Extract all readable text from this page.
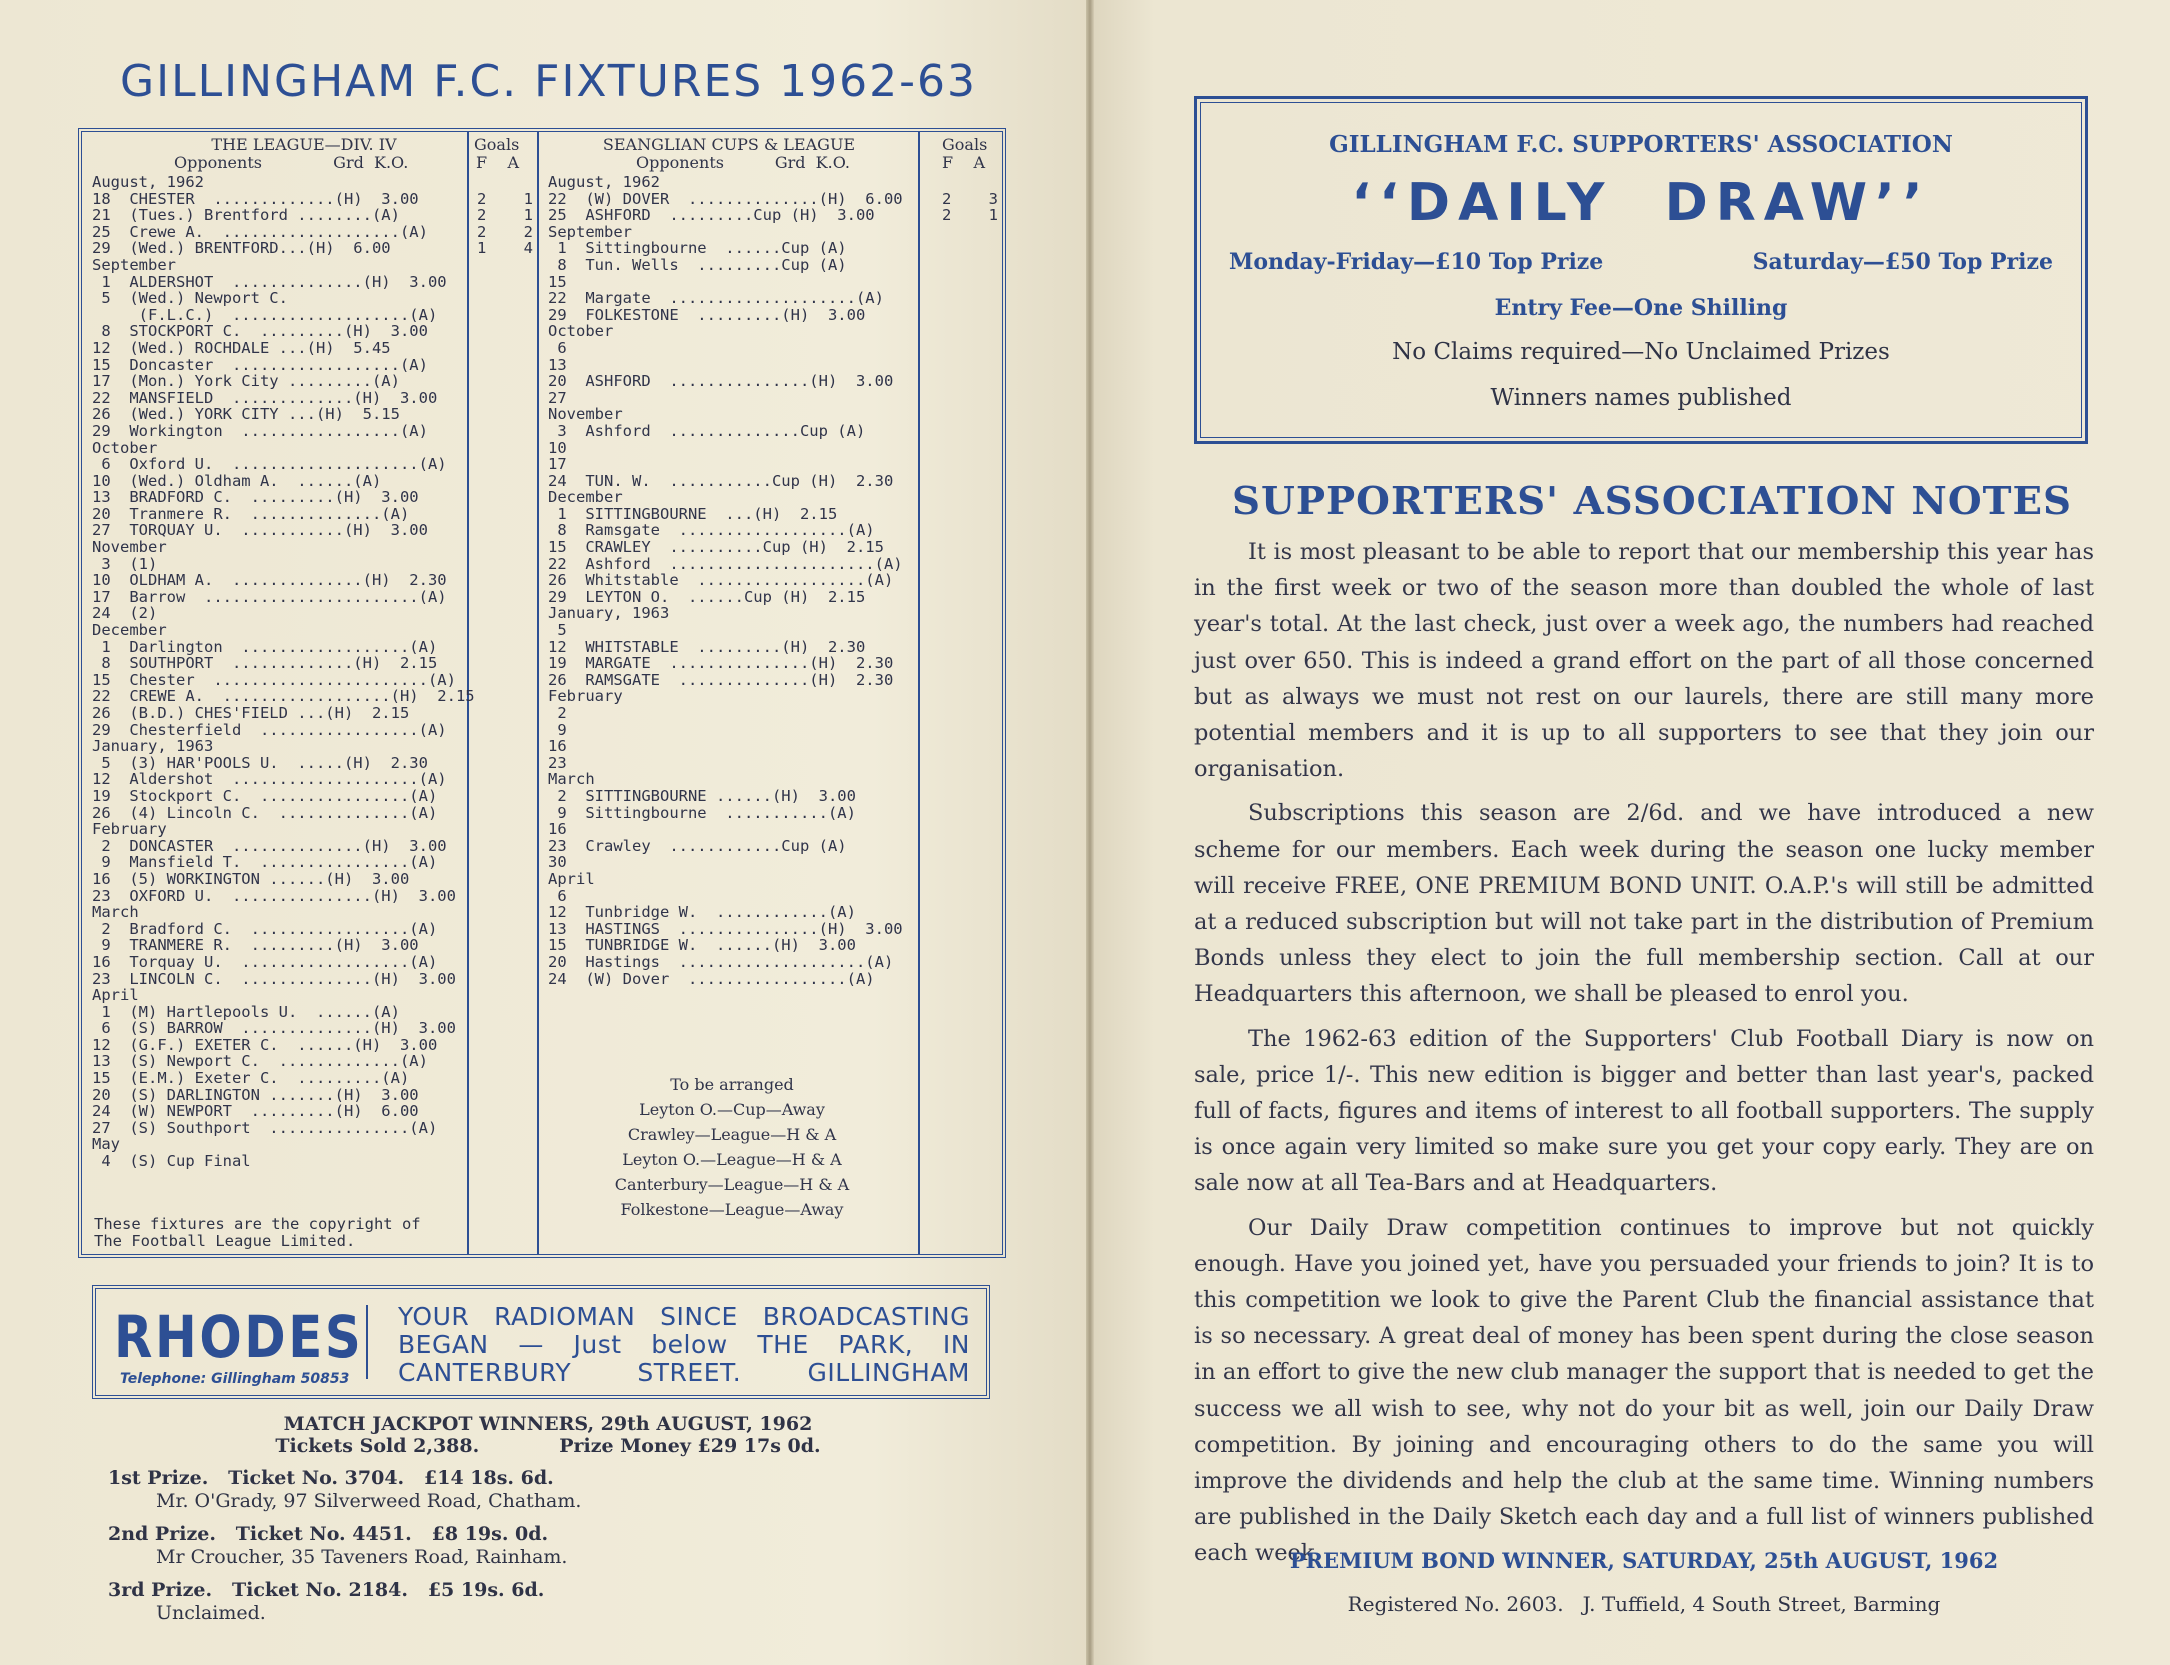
GILLINGHAM F.C. FIXTURES 1962-63
THE LEAGUE—DIV. IV
Opponents              Grd  K.O.
Goals
F    A
August, 1962
18  CHESTER  .............(H)  3.00
21  (Tues.) Brentford ........(A)
25  Crewe A.  ...................(A)
29  (Wed.) BRENTFORD...(H)  6.00
September
1  ALDERSHOT  ..............(H)  3.00
5  (Wed.) Newport C.
(F.L.C.)  ...................(A)
8  STOCKPORT C.  .........(H)  3.00
12  (Wed.) ROCHDALE ...(H)  5.45
15  Doncaster  ..................(A)
17  (Mon.) York City .........(A)
22  MANSFIELD  .............(H)  3.00
26  (Wed.) YORK CITY ...(H)  5.15
29  Workington  .................(A)
October
6  Oxford U.  ....................(A)
10  (Wed.) Oldham A.  ......(A)
13  BRADFORD C.  .........(H)  3.00
20  Tranmere R.  ..............(A)
27  TORQUAY U.  ...........(H)  3.00
November
3  (1)
10  OLDHAM A.  ..............(H)  2.30
17  Barrow  .......................(A)
24  (2)
December
1  Darlington  ..................(A)
8  SOUTHPORT  .............(H)  2.15
15  Chester  .......................(A)
22  CREWE A.  ..................(H)  2.15
26  (B.D.) CHES'FIELD ...(H)  2.15
29  Chesterfield  .................(A)
January, 1963
5  (3) HAR'POOLS U.  .....(H)  2.30
12  Aldershot  ....................(A)
19  Stockport C.  ................(A)
26  (4) Lincoln C.  ..............(A)
February
2  DONCASTER  ..............(H)  3.00
9  Mansfield T.  ................(A)
16  (5) WORKINGTON ......(H)  3.00
23  OXFORD U.  ...............(H)  3.00
March
2  Bradford C.  .................(A)
9  TRANMERE R.  .........(H)  3.00
16  Torquay U.  ..................(A)
23  LINCOLN C.  ..............(H)  3.00
April
1  (M) Hartlepools U.  ......(A)
6  (S) BARROW  ..............(H)  3.00
12  (G.F.) EXETER C.  ......(H)  3.00
13  (S) Newport C.  .............(A)
15  (E.M.) Exeter C.  .........(A)
20  (S) DARLINGTON .......(H)  3.00
24  (W) NEWPORT  .........(H)  6.00
27  (S) Southport  ...............(A)
May
4  (S) Cup Final

2    1
2    1
2    2
1    4
SEANGLIAN CUPS & LEAGUE
Opponents          Grd  K.O.
Goals
F    A
August, 1962
22  (W) DOVER  ..............(H)  6.00
25  ASHFORD  .........Cup (H)  3.00
September
1  Sittingbourne  ......Cup (A)
8  Tun. Wells  .........Cup (A)
15
22  Margate  ....................(A)
29  FOLKESTONE  .........(H)  3.00
October
6
13
20  ASHFORD  ...............(H)  3.00
27
November
3  Ashford  ..............Cup (A)
10
17
24  TUN. W.  ...........Cup (H)  2.30
December
1  SITTINGBOURNE  ...(H)  2.15
8  Ramsgate  ..................(A)
15  CRAWLEY  ..........Cup (H)  2.15
22  Ashford  ......................(A)
26  Whitstable  ..................(A)
29  LEYTON O.  ......Cup (H)  2.15
January, 1963
5
12  WHITSTABLE  .........(H)  2.30
19  MARGATE  ...............(H)  2.30
26  RAMSGATE  ..............(H)  2.30
February
2
9
16
23
March
2  SITTINGBOURNE ......(H)  3.00
9  Sittingbourne  ...........(A)
16
23  Crawley  ............Cup (A)
30
April
6
12  Tunbridge W.  ............(A)
13  HASTINGS  ...............(H)  3.00
15  TUNBRIDGE W.  ......(H)  3.00
20  Hastings  ....................(A)
24  (W) Dover  .................(A)

2    3
2    1
To be arranged
Leyton O.—Cup—Away
Crawley—League—H & A
Leyton O.—League—H & A
Canterbury—League—H & A
Folkestone—League—Away
These fixtures are the copyright of
The Football League Limited.
RHODES
Telephone: Gillingham 50853
YOUR RADIOMAN SINCE BROADCASTING BEGAN — Just below THE PARK, IN CANTERBURY STREET. GILLINGHAM
MATCH JACKPOT WINNERS, 29th AUGUST, 1962
Tickets Sold 2,388.	Prize Money £29 17s 0d.
1st Prize.   Ticket No. 3704.   £14 18s. 6d.
Mr. O'Grady, 97 Silverweed Road, Chatham.
2nd Prize.   Ticket No. 4451.   £8 19s. 0d.
Mr Croucher, 35 Taveners Road, Rainham.
3rd Prize.   Ticket No. 2184.   £5 19s. 6d.
Unclaimed.
GILLINGHAM F.C. SUPPORTERS' ASSOCIATION
‘‘DAILY  DRAW’’
Monday-Friday—£10 Top Prize	Saturday—£50 Top Prize
Entry Fee—One Shilling
No Claims required—No Unclaimed Prizes
Winners names published
SUPPORTERS' ASSOCIATION NOTES

It is most pleasant to be able to report that our membership this year has in the first week or two of the season more than doubled the whole of last year's total. At the last check, just over a week ago, the numbers had reached just over 650. This is indeed a grand effort on the part of all those concerned but as always we must not rest on our laurels, there are still many more potential members and it is up to all supporters to see that they join our organisation.

Subscriptions this season are 2/6d. and we have introduced a new scheme for our members. Each week during the season one lucky member will receive FREE, ONE PREMIUM BOND UNIT. O.A.P.'s will still be admitted at a reduced subscription but will not take part in the distribution of Premium Bonds unless they elect to join the full membership section. Call at our Headquarters this afternoon, we shall be pleased to enrol you.

The 1962-63 edition of the Supporters' Club Football Diary is now on sale, price 1/-. This new edition is bigger and better than last year's, packed full of facts, figures and items of interest to all football supporters. The supply is once again very limited so make sure you get your copy early. They are on sale now at all Tea-Bars and at Headquarters.

Our Daily Draw competition continues to improve but not quickly enough. Have you joined yet, have you persuaded your friends to join? It is to this competition we look to give the Parent Club the financial assistance that is so necessary. A great deal of money has been spent during the close season in an effort to give the new club manager the support that is needed to get the success we all wish to see, why not do your bit as well, join our Daily Draw competition. By joining and encouraging others to do the same you will improve the dividends and help the club at the same time. Winning numbers are published in the Daily Sketch each day and a full list of winners published each week.

PREMIUM BOND WINNER, SATURDAY, 25th AUGUST, 1962
Registered No. 2603.   J. Tuffield, 4 South Street, Barming
